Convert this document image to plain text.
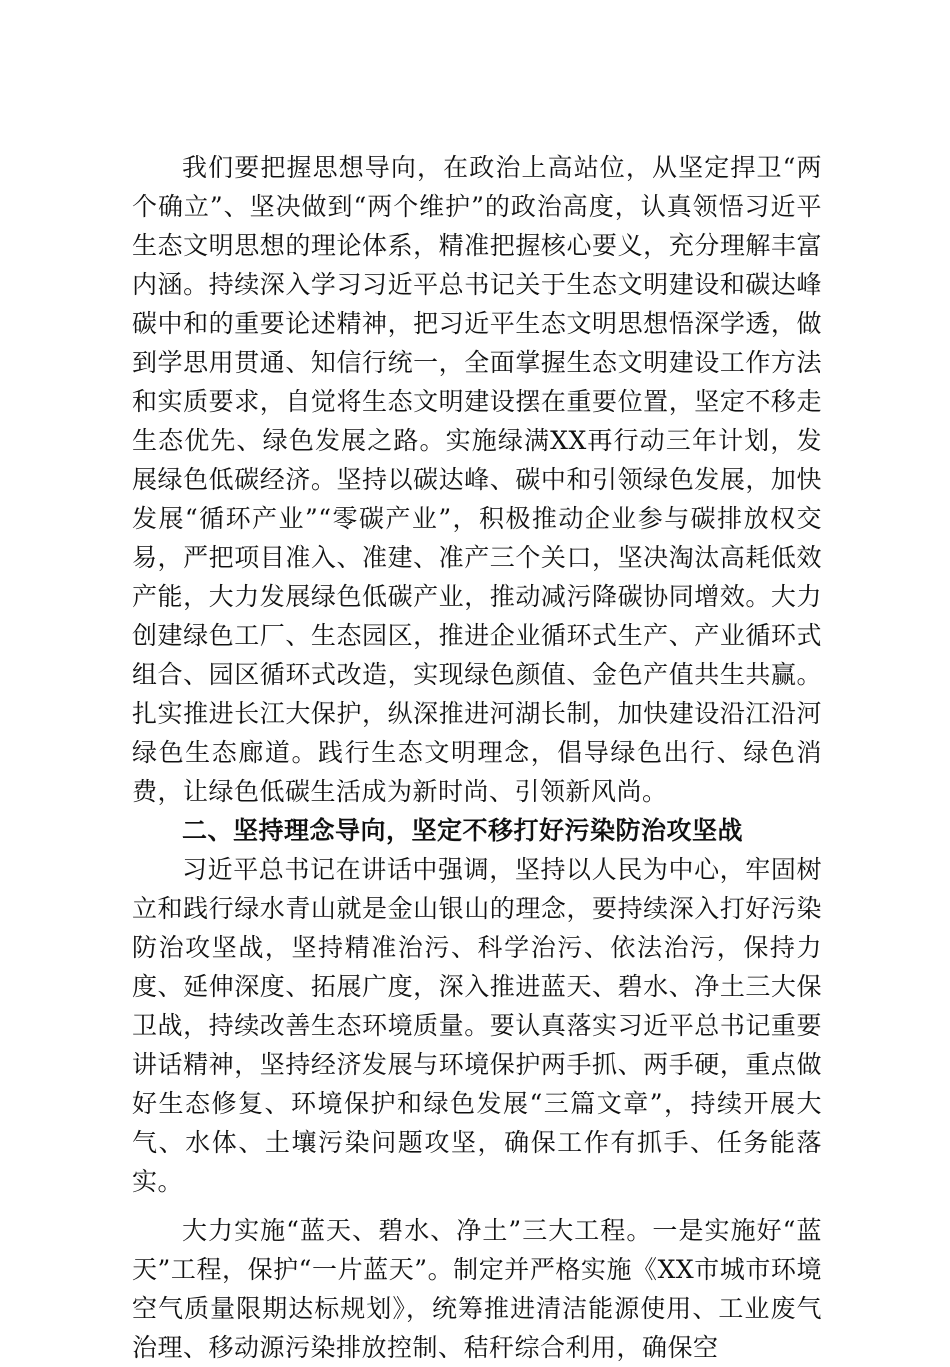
我们要把握思想导向，在政治上高站位，从坚定捍卫“两个确立”、坚决做到“两个维护”的政治高度，认真领悟习近平生态文明思想的理论体系，精准把握核心要义，充分理解丰富内涵。持续深入学习习近平总书记关于生态文明建设和碳达峰碳中和的重要论述精神，把习近平生态文明思想悟深学透，做到学思用贯通、知信行统一，全面掌握生态文明建设工作方法和实质要求，自觉将生态文明建设摆在重要位置，坚定不移走生态优先、绿色发展之路。实施绿满XX再行动三年计划，发展绿色低碳经济。坚持以碳达峰、碳中和引领绿色发展，加快发展“循环产业”“零碳产业”，积极推动企业参与碳排放权交易，严把项目准入、准建、准产三个关口，坚决淘汰高耗低效产能，大力发展绿色低碳产业，推动减污降碳协同增效。大力创建绿色工厂、生态园区，推进企业循环式生产、产业循环式组合、园区循环式改造，实现绿色颜值、金色产值共生共赢。扎实推进长江大保护，纵深推进河湖长制，加快建设沿江沿河绿色生态廊道。践行生态文明理念，倡导绿色出行、绿色消费，让绿色低碳生活成为新时尚、引领新风尚。

二、坚持理念导向，坚定不移打好污染防治攻坚战

习近平总书记在讲话中强调，坚持以人民为中心，牢固树立和践行绿水青山就是金山银山的理念，要持续深入打好污染防治攻坚战，坚持精准治污、科学治污、依法治污，保持力度、延伸深度、拓展广度，深入推进蓝天、碧水、净土三大保卫战，持续改善生态环境质量。要认真落实习近平总书记重要讲话精神，坚持经济发展与环境保护两手抓、两手硬，重点做好生态修复、环境保护和绿色发展“三篇文章”，持续开展大气、水体、土壤污染问题攻坚，确保工作有抓手、任务能落实。

大力实施“蓝天、碧水、净土”三大工程。一是实施好“蓝天”工程，保护“一片蓝天”。制定并严格实施《XX市城市环境空气质量限期达标规划》，统筹推进清洁能源使用、工业废气治理、移动源污染排放控制、秸秆综合利用，确保空
